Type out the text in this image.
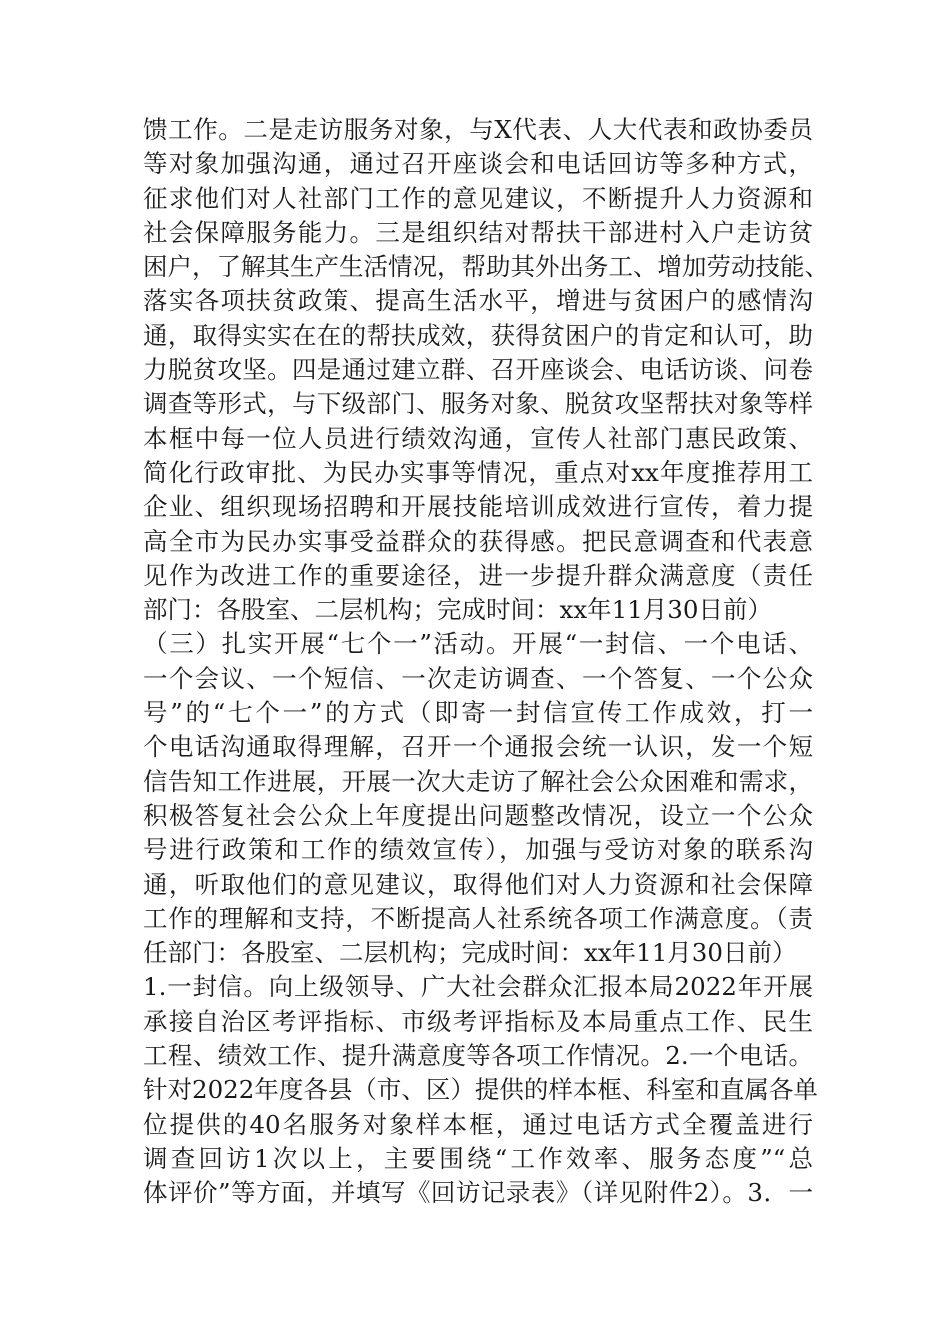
馈工作。二是走访服务对象，与X代表、人大代表和政协委员
等对象加强沟通，通过召开座谈会和电话回访等多种方式，
征求他们对人社部门工作的意见建议，不断提升人力资源和
社会保障服务能力。三是组织结对帮扶干部进村入户走访贫
困户，了解其生产生活情况，帮助其外出务工、增加劳动技能、
落实各项扶贫政策、提高生活水平，增进与贫困户的感情沟
通，取得实实在在的帮扶成效，获得贫困户的肯定和认可，助
力脱贫攻坚。四是通过建立群、召开座谈会、电话访谈、问卷
调查等形式，与下级部门、服务对象、脱贫攻坚帮扶对象等样
本框中每一位人员进行绩效沟通，宣传人社部门惠民政策、
简化行政审批、为民办实事等情况，重点对xx年度推荐用工
企业、组织现场招聘和开展技能培训成效进行宣传，着力提
高全市为民办实事受益群众的获得感。把民意调查和代表意
见作为改进工作的重要途径，进一步提升群众满意度（责任
部门：各股室、二层机构；完成时间：xx年11月30日前）
（三）扎实开展“七个一”活动。开展“一封信、一个电话、
一个会议、一个短信、一次走访调查、一个答复、一个公众
号”的“七个一”的方式（即寄一封信宣传工作成效，打一
个电话沟通取得理解，召开一个通报会统一认识，发一个短
信告知工作进展，开展一次大走访了解社会公众困难和需求，
积极答复社会公众上年度提出问题整改情况，设立一个公众
号进行政策和工作的绩效宣传），加强与受访对象的联系沟
通，听取他们的意见建议，取得他们对人力资源和社会保障
工作的理解和支持，不断提高人社系统各项工作满意度。（责
任部门：各股室、二层机构；完成时间：xx年11月30日前）
1.一封信。向上级领导、广大社会群众汇报本局2022年开展
承接自治区考评指标、市级考评指标及本局重点工作、民生
工程、绩效工作、提升满意度等各项工作情况。2.一个电话。
针对2022年度各县（市、区）提供的样本框、科室和直属各单
位提供的40名服务对象样本框，通过电话方式全覆盖进行
调查回访1次以上，主要围绕“工作效率、服务态度”“总
体评价”等方面，并填写《回访记录表》（详见附件2）。3．一
